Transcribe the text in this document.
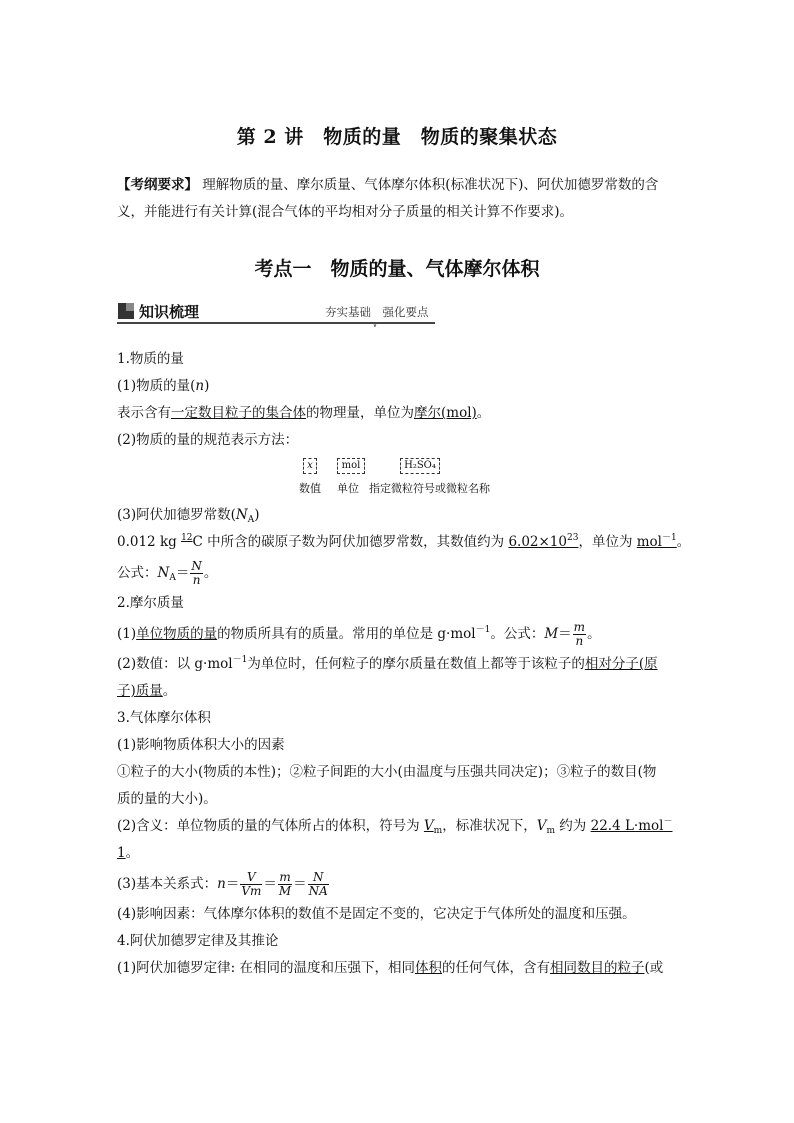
第 2 讲　物质的量　物质的聚集状态
【考纲要求】 理解物质的量、摩尔质量、气体摩尔体积(标准状况下)、阿伏加德罗常数的含义，并能进行有关计算(混合气体的平均相对分子质量的相关计算不作要求)。
考点一　物质的量、气体摩尔体积
知识梳理	夯实基础　强化要点
∨
1.物质的量
(1)物质的量(n)
表示含有一定数目粒子的集合体的物理量，单位为摩尔(mol)。
(2)物质的量的规范表示方法：
x	mol	H₂SO₄
数值 单位 指定微粒符号或微粒名称
(3)阿伏加德罗常数$(N_A)$
0.012 kg $^{12}$C 中所含的碳原子数为阿伏加德罗常数，其数值约为 $6.02\times 10^{23}$，单位为 mol$^{-1}$。
公式：$N_A= \frac{N}{n}$ 。
2.摩尔质量
(1)单位物质的量的物质所具有的质量。常用的单位是 g·mol$^{-1}$。公式：$M= \frac{m}{n}$ 。
(2)数值：以 g·mol$^{-1}$为单位时，任何粒子的摩尔质量在数值上都等于该粒子的相对分子(原
子)质量。
3.气体摩尔体积
(1)影响物质体积大小的因素
①粒子的大小(物质的本性)；②粒子间距的大小(由温度与压强共同决定)；③粒子的数目(物
质的量的大小)。
(2)含义：单位物质的量的气体所占的体积，符号为 $V_m$，标准状况下，$V_m$ 约为 22.4 L·mol－
1。
(3)基本关系式：$n= \frac{V}{Vm} = \frac{m}{M} = \frac{N}{NA}$
(4)影响因素：气体摩尔体积的数值不是固定不变的，它决定于气体所处的温度和压强。
4.阿伏加德罗定律及其推论
(1)阿伏加德罗定律: 在相同的温度和压强下，相同体积的任何气体，含有相同数目的粒子(或
